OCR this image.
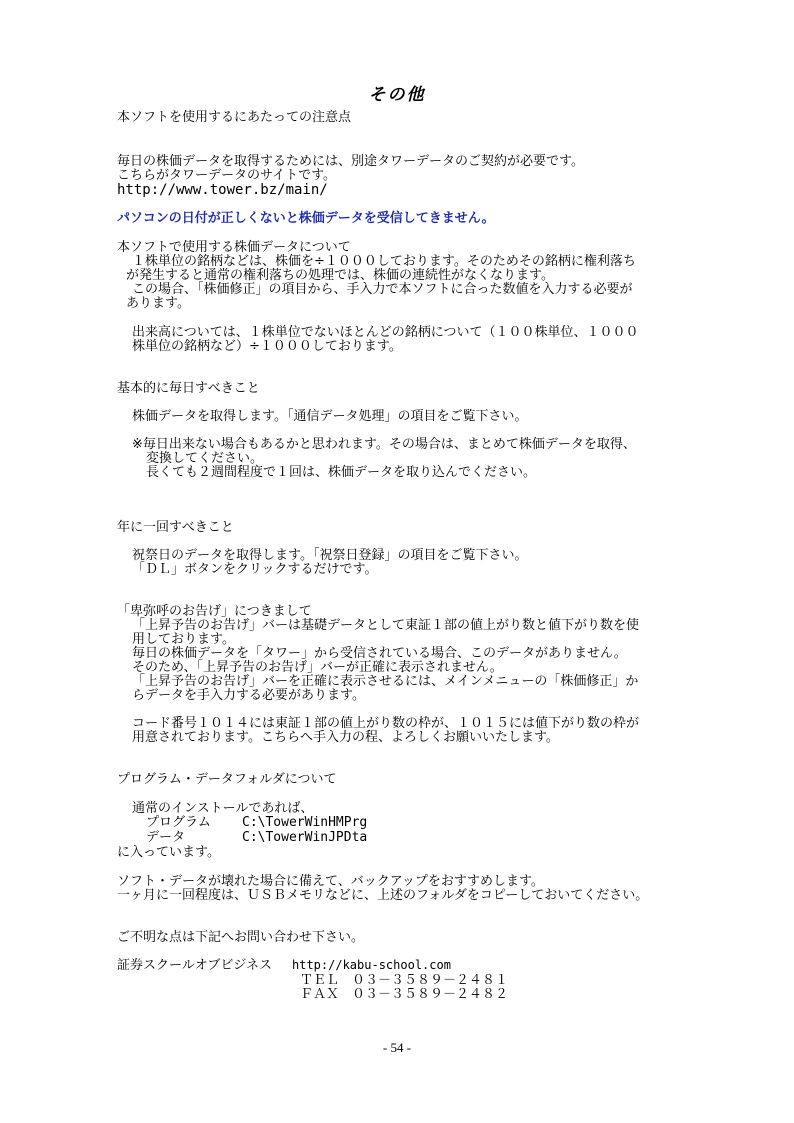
その他
本ソフトを使用するにあたっての注意点
毎日の株価データを取得するためには、別途タワーデータのご契約が必要です。
こちらがタワーデータのサイトです。
http://www.tower.bz/main/
パソコンの日付が正しくないと株価データを受信してきません。
本ソフトで使用する株価データについて
１株単位の銘柄などは、株価を÷１０００しております。そのためその銘柄に権利落ち
が発生すると通常の権利落ちの処理では、株価の連続性がなくなります。
この場合、「株価修正」の項目から、手入力で本ソフトに合った数値を入力する必要が
あります。
出来高については、１株単位でないほとんどの銘柄について（１００株単位、１０００
株単位の銘柄など）÷１０００しております。
基本的に毎日すべきこと
株価データを取得します。「通信データ処理」の項目をご覧下さい。
※毎日出来ない場合もあるかと思われます。その場合は、まとめて株価データを取得、
変換してください。
長くても２週間程度で１回は、株価データを取り込んでください。
年に一回すべきこと
祝祭日のデータを取得します。「祝祭日登録」の項目をご覧下さい。
「ＤＬ」ボタンをクリックするだけです。
「卑弥呼のお告げ」につきまして
「上昇予告のお告げ」バーは基礎データとして東証１部の値上がり数と値下がり数を使
用しております。
毎日の株価データを「タワー」から受信されている場合、このデータがありません。
そのため、「上昇予告のお告げ」バーが正確に表示されません。
「上昇予告のお告げ」バーを正確に表示させるには、メインメニューの「株価修正」か
らデータを手入力する必要があります。
コード番号１０１４には東証１部の値上がり数の枠が、１０１５には値下がり数の枠が
用意されております。こちらへ手入力の程、よろしくお願いいたします。
プログラム・データフォルダについて
通常のインストールであれば、
プログラム C:\TowerWinHMPrg
データ	C:\TowerWinJPDta
に入っています。
ソフト・データが壊れた場合に備えて、バックアップをおすすめします。
一ヶ月に一回程度は、ＵＳＢメモリなどに、上述のフォルダをコピーしておいてください。
ご不明な点は下記へお問い合わせ下さい。
証券スクールオブビジネス http://kabu-school.com
ＴＥＬ　０３－３５８９－２４８１
ＦＡＸ　０３－３５８９－２４８２
- 54 -
